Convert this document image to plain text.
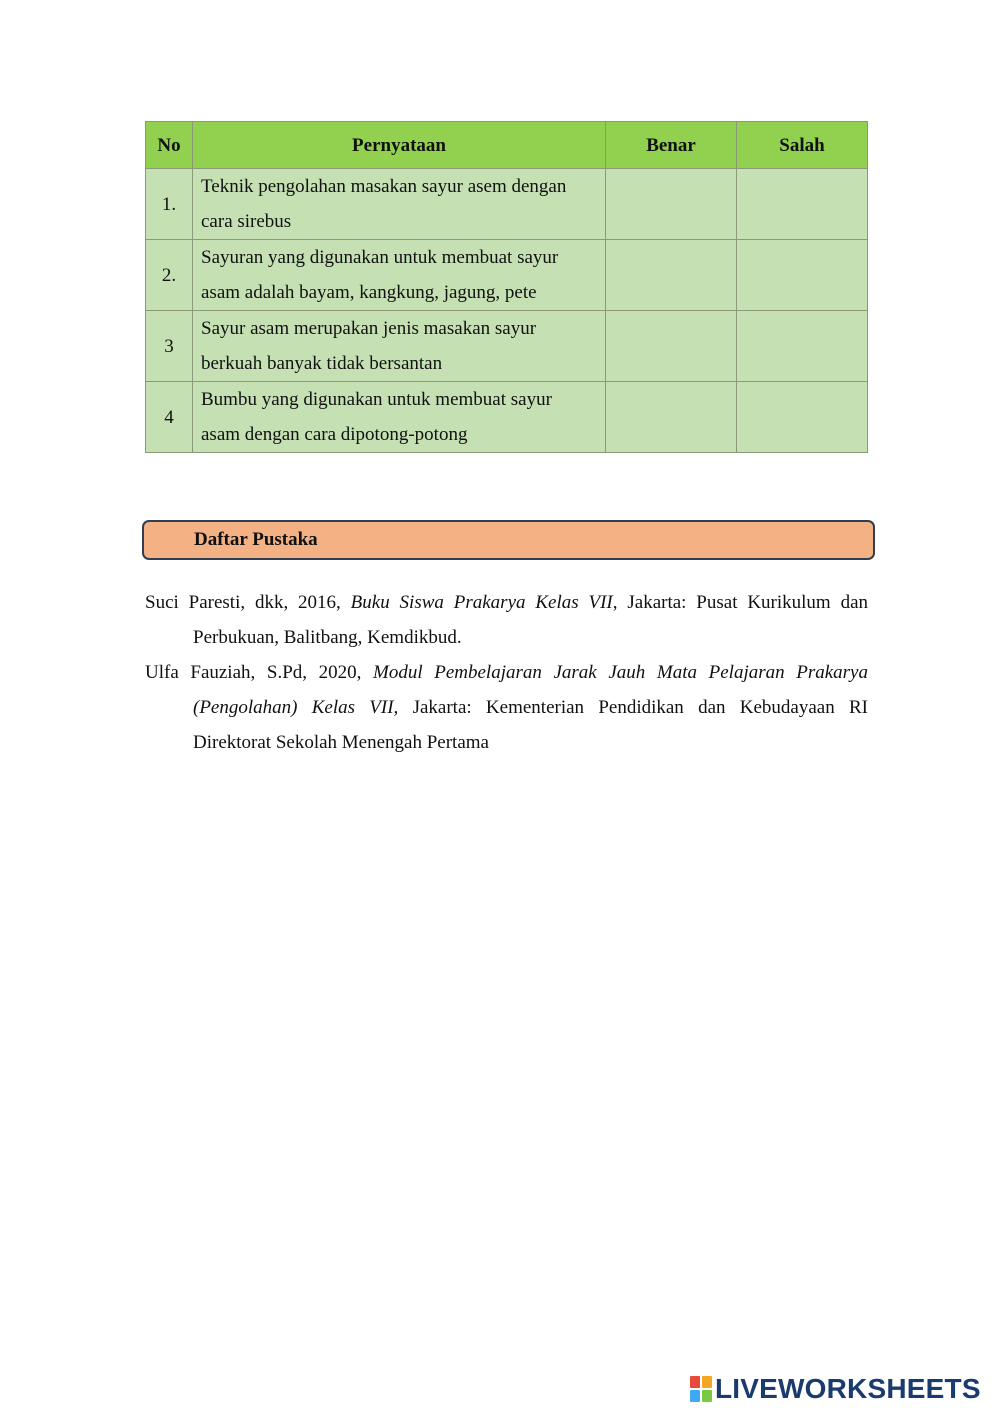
No	Pernyataan	Benar	Salah
1.	Teknik pengolahan masakan sayur asem dengan
cara sirebus		

2.	Sayuran yang digunakan untuk membuat sayur
asam adalah bayam, kangkung, jagung, pete		

3	Sayur asam merupakan jenis masakan sayur
berkuah banyak tidak bersantan		

4	Bumbu yang digunakan untuk membuat sayur
asam dengan cara dipotong-potong		

Daftar Pustaka
Suci Paresti, dkk, 2016, Buku Siswa Prakarya Kelas VII, Jakarta: Pusat Kurikulum dan Perbukuan, Balitbang, Kemdikbud.
Ulfa Fauziah, S.Pd, 2020, Modul Pembelajaran Jarak Jauh Mata Pelajaran Prakarya (Pengolahan) Kelas VII, Jakarta: Kementerian Pendidikan dan Kebudayaan RI Direktorat Sekolah Menengah Pertama
LIVEWORKSHEETS
